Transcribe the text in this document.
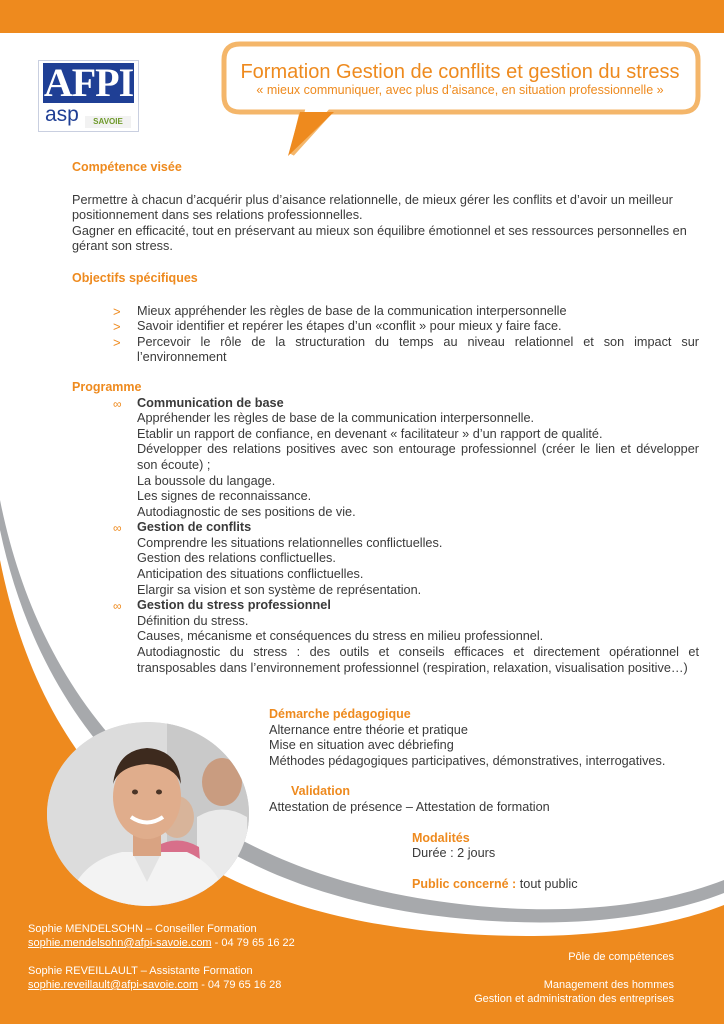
AFPI
asp	SAVOIE
Formation Gestion de conflits et gestion du stress
« mieux communiquer, avec plus d’aisance, en situation professionnelle »
Compétence visée
Permettre à chacun d’acquérir plus d’aisance relationnelle, de mieux gérer les conflits et d’avoir un meilleur positionnement dans ses relations professionnelles.
Gagner en efficacité, tout en préservant au mieux son équilibre émotionnel et ses ressources personnelles en gérant son stress.
Objectifs spécifiques
> Mieux appréhender les règles de base de la communication interpersonnelle
> Savoir identifier et repérer les étapes d’un «conflit » pour mieux y faire face.
> Percevoir le rôle de la structuration du temps au niveau relationnel et son impact sur l’environnement
Programme
∞ Communication de base
Appréhender les règles de base de la communication interpersonnelle.
Etablir un rapport de confiance, en devenant « facilitateur » d’un rapport de qualité.
Développer des relations positives avec son entourage professionnel (créer le lien et développer son écoute) ;
La boussole du langage.
Les signes de reconnaissance.
Autodiagnostic de ses positions de vie.
∞ Gestion de conflits
Comprendre les situations relationnelles conflictuelles.
Gestion des relations conflictuelles.
Anticipation des situations conflictuelles.
Elargir sa vision et son système de représentation.
∞ Gestion du stress professionnel
Définition du stress.
Causes, mécanisme et conséquences du stress en milieu professionnel.
Autodiagnostic du stress : des outils et conseils efficaces et directement opérationnel et transposables dans l’environnement professionnel (respiration, relaxation, visualisation positive…)
Démarche pédagogique
Alternance entre théorie et pratique
Mise en situation avec débriefing
Méthodes pédagogiques participatives, démonstratives, interrogatives.
Validation
Attestation de présence – Attestation de formation
Modalités
Durée : 2 jours
Public concerné : tout public
Sophie MENDELSOHN – Conseiller Formation
sophie.mendelsohn@afpi-savoie.com - 04 79 65 16 22
Sophie REVEILLAULT – Assistante Formation
sophie.reveillault@afpi-savoie.com - 04 79 65 16 28
Pôle de compétences
Management des hommes
Gestion et administration des entreprises
